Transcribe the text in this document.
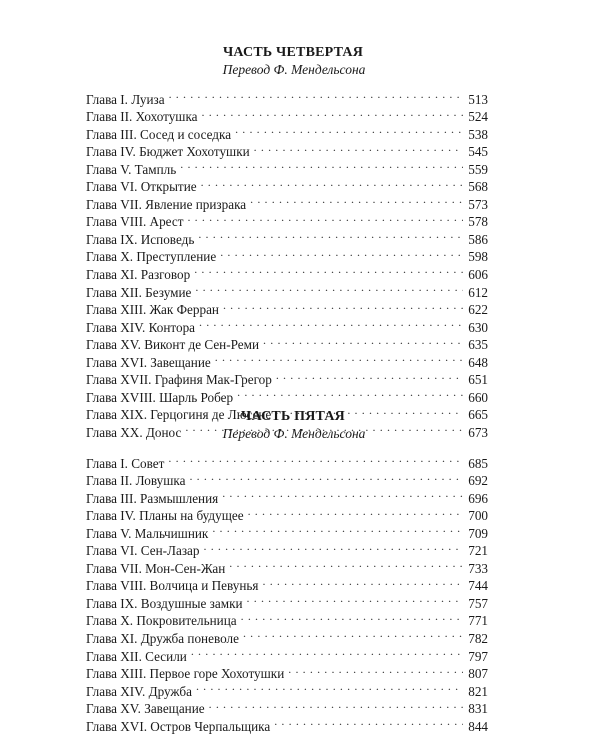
ЧАСТЬ ЧЕТВЕРТАЯ

Перевод Ф. Мендельсона

Глава I. Луиза . . .	513
Глава II. Хохотушка . . .	524
Глава III. Сосед и соседка . . .	538
Глава IV. Бюджет Хохотушки . . .	545
Глава V. Тампль . . .	559
Глава VI. Открытие . . .	568
Глава VII. Явление призрака . . .	573
Глава VIII. Арест . . .	578
Глава IX. Исповедь . . .	586
Глава X. Преступление . . .	598
Глава XI. Разговор . . .	606
Глава XII. Безумие . . .	612
Глава XIII. Жак Ферран . . .	622
Глава XIV. Контора . . .	630
Глава XV. Виконт де Сен-Реми . . .	635
Глава XVI. Завещание . . .	648
Глава XVII. Графиня Мак-Грегор . . .	651
Глава XVIII. Шарль Робер . . .	660
Глава XIX. Герцогиня де Люсене . . .	665
Глава XX. Донос . . .	673
ЧАСТЬ ПЯТАЯ

Перевод Ф. Мендельсона

Глава I. Совет . . .	685
Глава II. Ловушка . . .	692
Глава III. Размышления . . .	696
Глава IV. Планы на будущее . . .	700
Глава V. Мальчишник . . .	709
Глава VI. Сен-Лазар . . .	721
Глава VII. Мон-Сен-Жан . . .	733
Глава VIII. Волчица и Певунья . . .	744
Глава IX. Воздушные замки . . .	757
Глава X. Покровительница . . .	771
Глава XI. Дружба поневоле . . .	782
Глава XII. Сесили . . .	797
Глава XIII. Первое горе Хохотушки . . .	807
Глава XIV. Дружба . . .	821
Глава XV. Завещание . . .	831
Глава XVI. Остров Черпальщика . . .	844
